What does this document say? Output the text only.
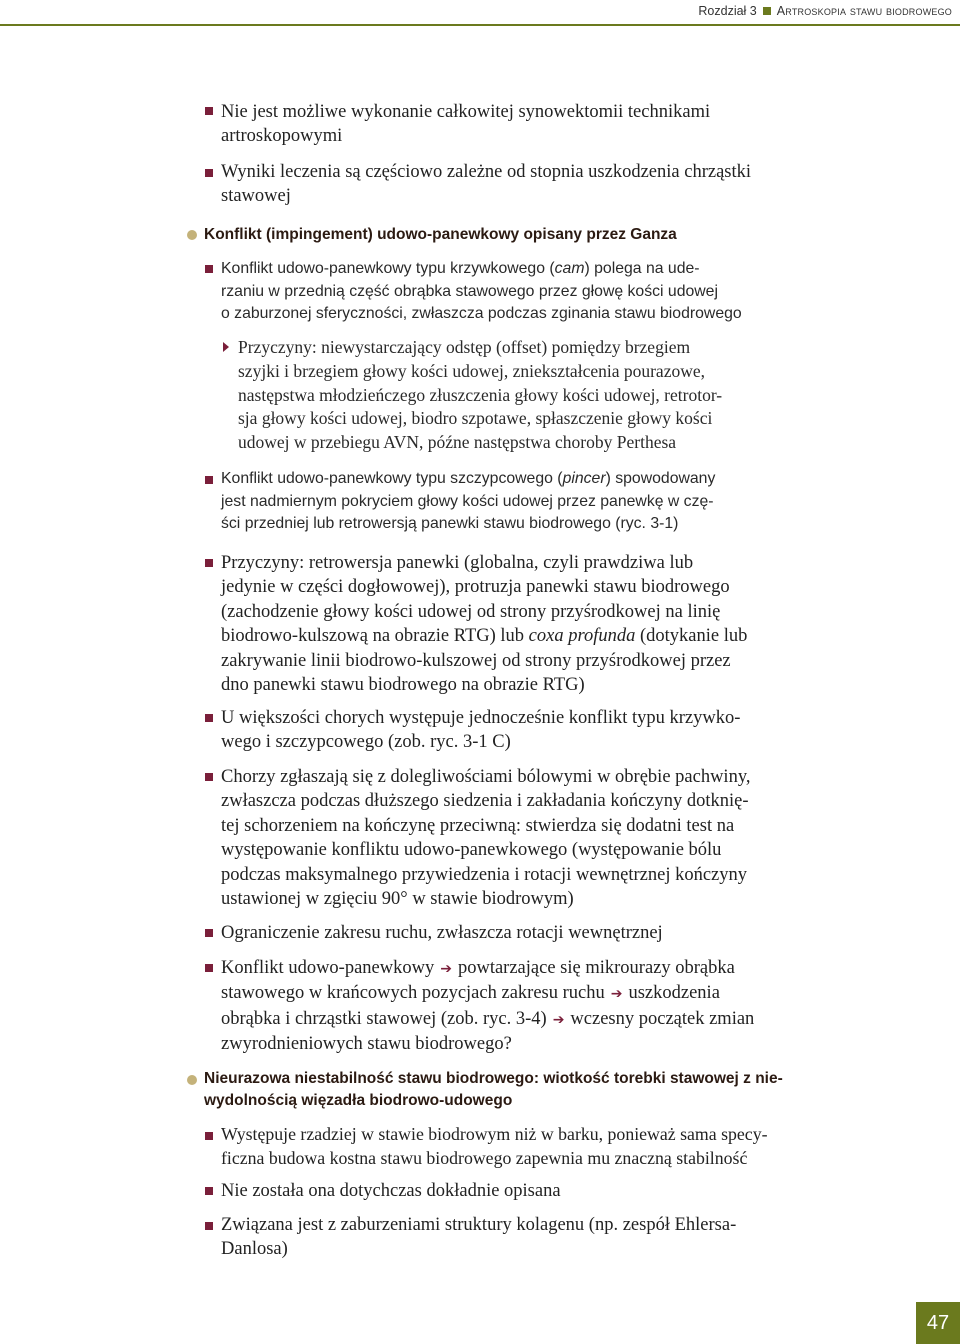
Rozdział 3 Artroskopia stawu biodrowego
Nie jest możliwe wykonanie całkowitej synowektomii technikami
artroskopowymi
Wyniki leczenia są częściowo zależne od stopnia uszkodzenia chrząstki
stawowej
Konflikt (impingement) udowo-panewkowy opisany przez Ganza
Konflikt udowo-panewkowy typu krzywkowego (cam) polega na ude-
rzaniu w przednią część obrąbka stawowego przez głowę kości udowej
o zaburzonej sferyczności, zwłaszcza podczas zginania stawu biodrowego
Przyczyny: niewystarczający odstęp (offset) pomiędzy brzegiem
szyjki i brzegiem głowy kości udowej, zniekształcenia pourazowe,
następstwa młodzieńczego złuszczenia głowy kości udowej, retrotor-
sja głowy kości udowej, biodro szpotawe, spłaszczenie głowy kości
udowej w przebiegu AVN, późne następstwa choroby Perthesa
Konflikt udowo-panewkowy typu szczypcowego (pincer) spowodowany
jest nadmiernym pokryciem głowy kości udowej przez panewkę w czę-
ści przedniej lub retrowersją panewki stawu biodrowego (ryc. 3-1)
Przyczyny: retrowersja panewki (globalna, czyli prawdziwa lub
jedynie w części dogłowowej), protruzja panewki stawu biodrowego
(zachodzenie głowy kości udowej od strony przyśrodkowej na linię
biodrowo-kulszową na obrazie RTG) lub coxa profunda (dotykanie lub
zakrywanie linii biodrowo-kulszowej od strony przyśrodkowej przez
dno panewki stawu biodrowego na obrazie RTG)
U większości chorych występuje jednocześnie konflikt typu krzywko-
wego i szczypcowego (zob. ryc. 3-1 C)
Chorzy zgłaszają się z dolegliwościami bólowymi w obrębie pachwiny,
zwłaszcza podczas dłuższego siedzenia i zakładania kończyny dotknię-
tej schorzeniem na kończynę przeciwną: stwierdza się dodatni test na
występowanie konfliktu udowo-panewkowego (występowanie bólu
podczas maksymalnego przywiedzenia i rotacji wewnętrznej kończyny
ustawionej w zgięciu 90° w stawie biodrowym)
Ograniczenie zakresu ruchu, zwłaszcza rotacji wewnętrznej
Konflikt udowo-panewkowy ➔ powtarzające się mikrourazy obrąbka
stawowego w krańcowych pozycjach zakresu ruchu ➔ uszkodzenia
obrąbka i chrząstki stawowej (zob. ryc. 3-4) ➔ wczesny początek zmian
zwyrodnieniowych stawu biodrowego?
Nieurazowa niestabilność stawu biodrowego: wiotkość torebki stawowej z nie-
wydolnością więzadła biodrowo-udowego
Występuje rzadziej w stawie biodrowym niż w barku, ponieważ sama specy-
ficzna budowa kostna stawu biodrowego zapewnia mu znaczną stabilność
Nie została ona dotychczas dokładnie opisana
Związana jest z zaburzeniami struktury kolagenu (np. zespół Ehlersa-
Danlosa)
47
